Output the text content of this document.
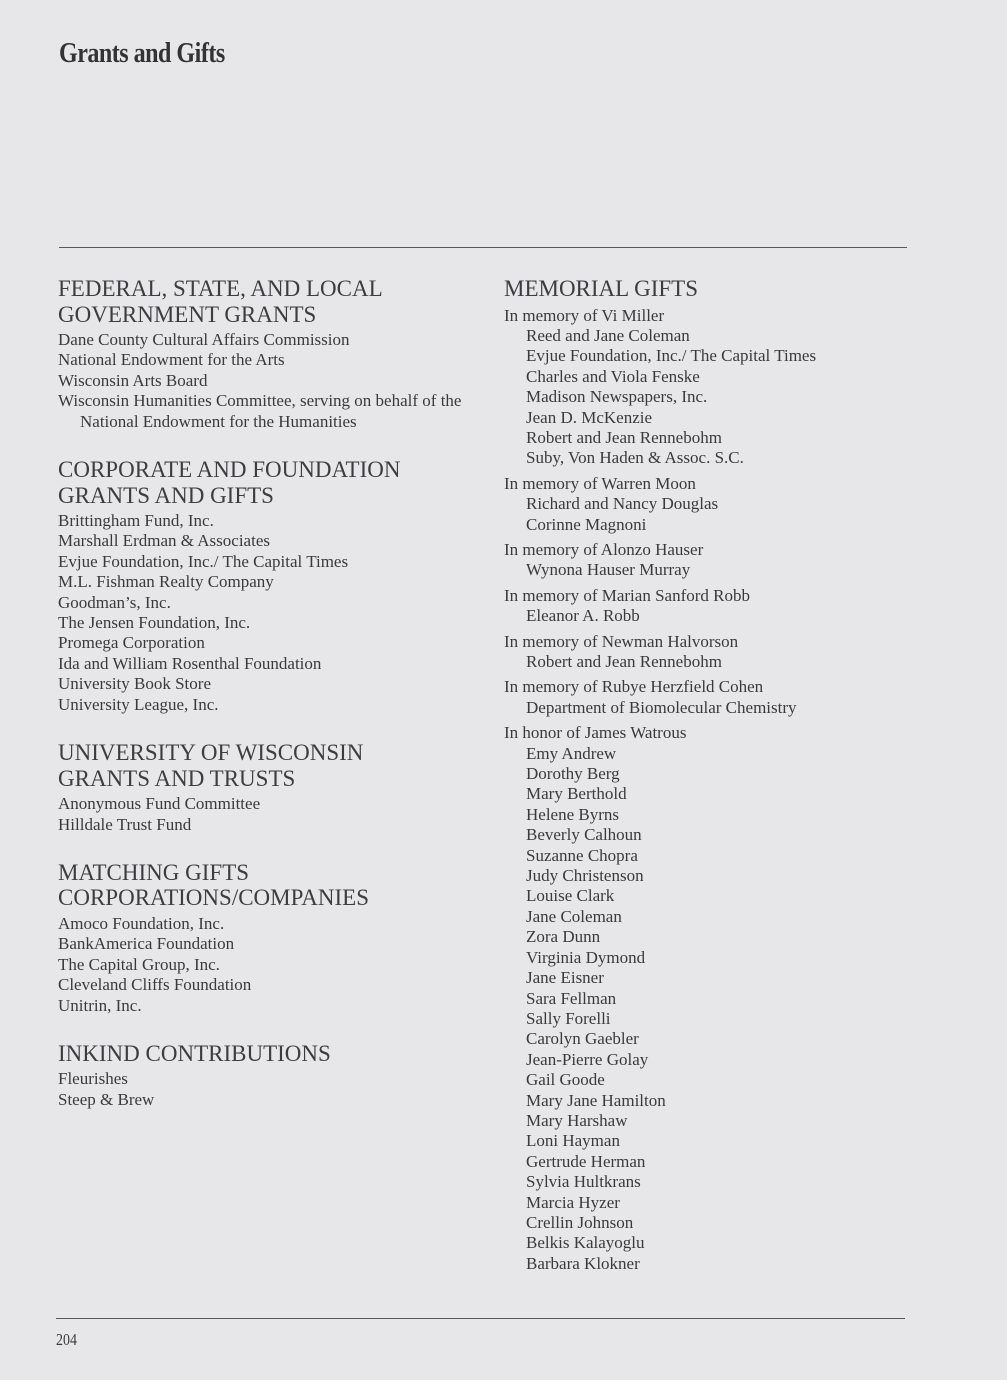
Grants and Gifts
FEDERAL, STATE, AND LOCAL
GOVERNMENT GRANTS
Dane County Cultural Affairs Commission
National Endowment for the Arts
Wisconsin Arts Board
Wisconsin Humanities Committee, serving on behalf of the National Endowment for the Humanities
CORPORATE AND FOUNDATION
GRANTS AND GIFTS
Brittingham Fund, Inc.
Marshall Erdman & Associates
Evjue Foundation, Inc./ The Capital Times
M.L. Fishman Realty Company
Goodman’s, Inc.
The Jensen Foundation, Inc.
Promega Corporation
Ida and William Rosenthal Foundation
University Book Store
University League, Inc.
UNIVERSITY OF WISCONSIN
GRANTS AND TRUSTS
Anonymous Fund Committee
Hilldale Trust Fund
MATCHING GIFTS
CORPORATIONS/COMPANIES
Amoco Foundation, Inc.
BankAmerica Foundation
The Capital Group, Inc.
Cleveland Cliffs Foundation
Unitrin, Inc.
INKIND CONTRIBUTIONS
Fleurishes
Steep & Brew
MEMORIAL GIFTS
In memory of Vi Miller
Reed and Jane Coleman
Evjue Foundation, Inc./ The Capital Times
Charles and Viola Fenske
Madison Newspapers, Inc.
Jean D. McKenzie
Robert and Jean Rennebohm
Suby, Von Haden & Assoc. S.C.
In memory of Warren Moon
Richard and Nancy Douglas
Corinne Magnoni
In memory of Alonzo Hauser
Wynona Hauser Murray
In memory of Marian Sanford Robb
Eleanor A. Robb
In memory of Newman Halvorson
Robert and Jean Rennebohm
In memory of Rubye Herzfield Cohen
Department of Biomolecular Chemistry
In honor of James Watrous
Emy Andrew
Dorothy Berg
Mary Berthold
Helene Byrns
Beverly Calhoun
Suzanne Chopra
Judy Christenson
Louise Clark
Jane Coleman
Zora Dunn
Virginia Dymond
Jane Eisner
Sara Fellman
Sally Forelli
Carolyn Gaebler
Jean-Pierre Golay
Gail Goode
Mary Jane Hamilton
Mary Harshaw
Loni Hayman
Gertrude Herman
Sylvia Hultkrans
Marcia Hyzer
Crellin Johnson
Belkis Kalayoglu
Barbara Klokner
204
